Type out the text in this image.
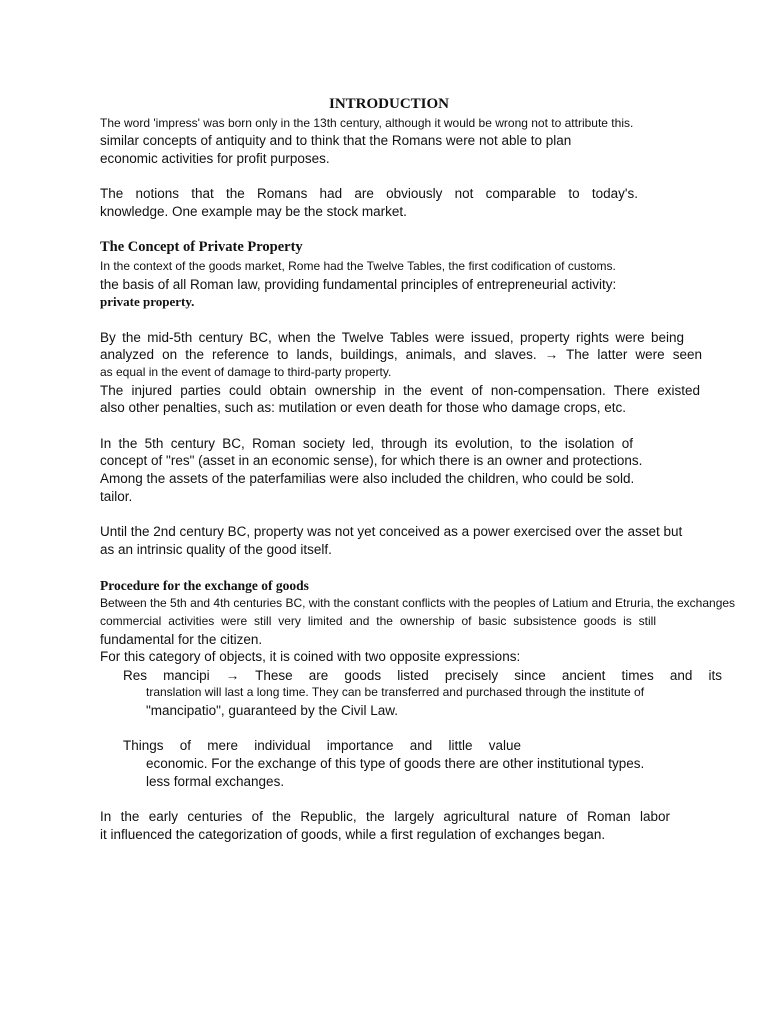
INTRODUCTION
The word 'impress' was born only in the 13th century, although it would be wrong not to attribute this.
similar concepts of antiquity and to think that the Romans were not able to plan
economic activities for profit purposes.
The notions that the Romans had are obviously not comparable to today's.
knowledge. One example may be the stock market.
The Concept of Private Property
In the context of the goods market, Rome had the Twelve Tables, the first codification of customs.
the basis of all Roman law, providing fundamental principles of entrepreneurial activity:
private property.
By the mid-5th century BC, when the Twelve Tables were issued, property rights were being
analyzed on the reference to lands, buildings, animals, and slaves. → The latter were seen
as equal in the event of damage to third-party property.
The injured parties could obtain ownership in the event of non-compensation. There existed
also other penalties, such as: mutilation or even death for those who damage crops, etc.
In the 5th century BC, Roman society led, through its evolution, to the isolation of
concept of "res" (asset in an economic sense), for which there is an owner and protections.
Among the assets of the paterfamilias were also included the children, who could be sold.
tailor.
Until the 2nd century BC, property was not yet conceived as a power exercised over the asset but
as an intrinsic quality of the good itself.
Procedure for the exchange of goods
Between the 5th and 4th centuries BC, with the constant conflicts with the peoples of Latium and Etruria, the exchanges
commercial activities were still very limited and the ownership of basic subsistence goods is still
fundamental for the citizen.
For this category of objects, it is coined with two opposite expressions:
Res mancipi → These are goods listed precisely since ancient times and its
translation will last a long time. They can be transferred and purchased through the institute of
"mancipatio", guaranteed by the Civil Law.
Things of mere individual importance and little value
economic. For the exchange of this type of goods there are other institutional types.
less formal exchanges.
In the early centuries of the Republic, the largely agricultural nature of Roman labor
it influenced the categorization of goods, while a first regulation of exchanges began.
